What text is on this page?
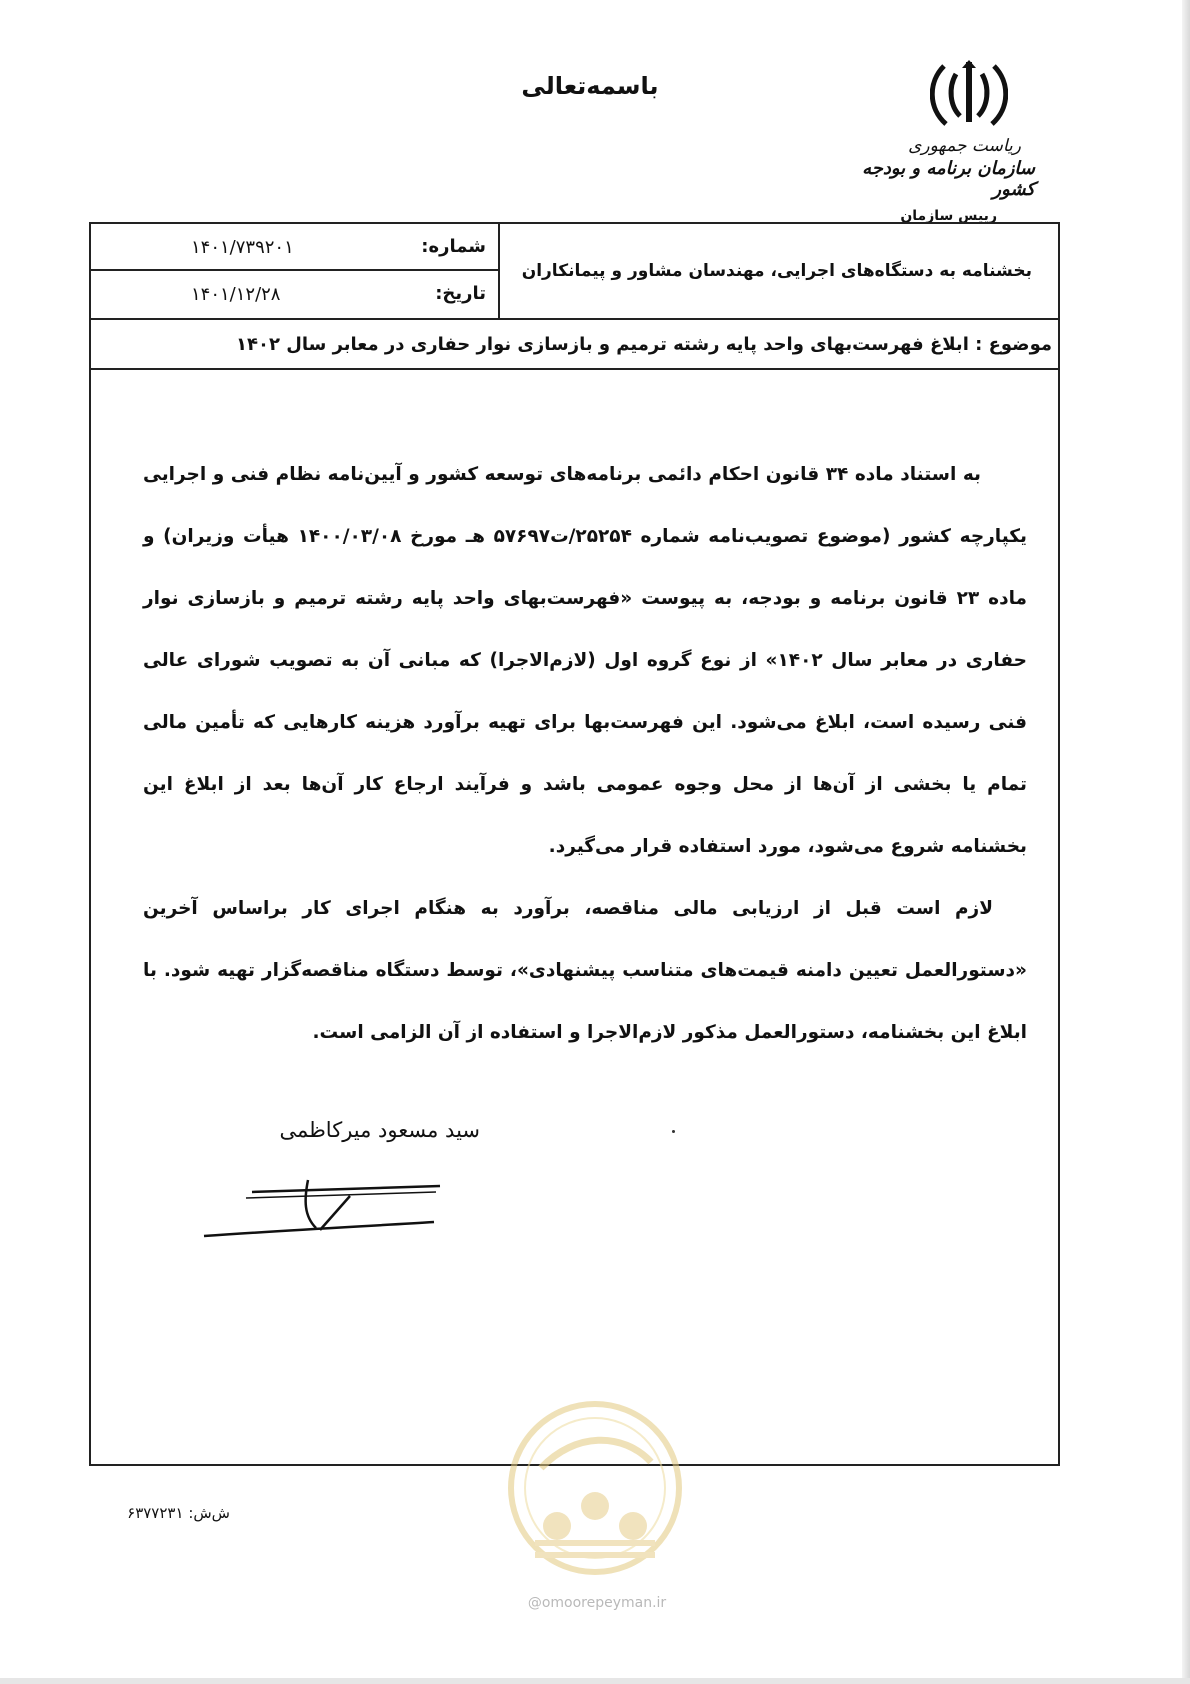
باسمه‌تعالی
ریاست جمهوری
سازمان برنامه و بودجه کشور
رییس سازمان
بخشنامه به دستگاه‌های اجرایی، مهندسان مشاور و پیمانکاران
شماره:
۱۴۰۱/۷۳۹۲۰۱
تاریخ:
۱۴۰۱/۱۲/۲۸
موضوع : ابلاغ فهرست‌بهای واحد پایه رشته ترمیم و بازسازی نوار حفاری در معابر سال ۱۴۰۲
به استناد ماده ۳۴ قانون احکام دائمی برنامه‌های توسعه کشور و آیین‌نامه نظام فنی و اجرایی یکپارچه کشور (موضوع تصویب‌نامه شماره ۲۵۲۵۴/ت۵۷۶۹۷ هـ مورخ ۱۴۰۰/۰۳/۰۸ هیأت وزیران) و ماده ۲۳ قانون برنامه و بودجه، به پیوست «فهرست‌بهای واحد پایه رشته ترمیم و بازسازی نوار حفاری در معابر سال ۱۴۰۲» از نوع گروه اول (لازم‌الاجرا) که مبانی آن به تصویب شورای عالی فنی رسیده است، ابلاغ می‌شود. این فهرست‌بها برای تهیه برآورد هزینه کارهایی که تأمین مالی تمام یا بخشی از آن‌ها از محل وجوه عمومی باشد و فرآیند ارجاع کار آن‌ها بعد از ابلاغ این بخشنامه شروع می‌شود، مورد استفاده قرار می‌گیرد.
لازم است قبل از ارزیابی مالی مناقصه، برآورد به هنگام اجرای کار براساس آخرین «دستورالعمل تعیین دامنه قیمت‌های متناسب پیشنهادی»، توسط دستگاه مناقصه‌گزار تهیه شود. با ابلاغ این بخشنامه، دستورالعمل مذکور لازم‌الاجرا و استفاده از آن الزامی است.
سید مسعود میرکاظمی
@omoorepeyman.ir
ش‌ش: ۶۳۷۷۲۳۱
